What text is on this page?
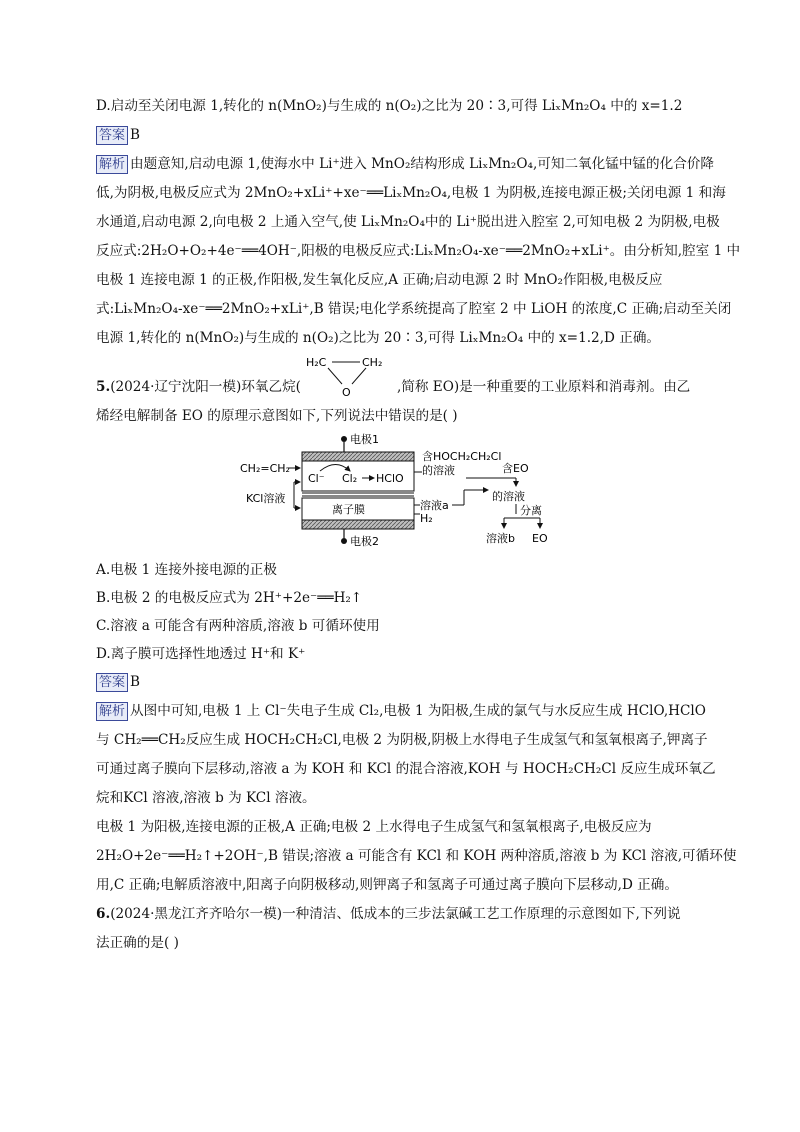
D.启动至关闭电源 1,转化的 n(MnO₂)与生成的 n(O₂)之比为 20∶3,可得 LiₓMn₂O₄ 中的 x=1.2
答案 B
解析 由题意知,启动电源 1,使海水中 Li⁺进入 MnO₂结构形成 LiₓMn₂O₄,可知二氧化锰中锰的化合价降
低,为阴极,电极反应式为 2MnO₂+xLi⁺+xe⁻══LiₓMn₂O₄,电极 1 为阴极,连接电源正极;关闭电源 1 和海
水通道,启动电源 2,向电极 2 上通入空气,使 LiₓMn₂O₄中的 Li⁺脱出进入腔室 2,可知电极 2 为阴极,电极
反应式:2H₂O+O₂+4e⁻══4OH⁻,阳极的电极反应式:LiₓMn₂O₄-xe⁻══2MnO₂+xLi⁺。由分析知,腔室 1 中
电极 1 连接电源 1 的正极,作阳极,发生氧化反应,A 正确;启动电源 2 时 MnO₂作阳极,电极反应
式:LiₓMn₂O₄-xe⁻══2MnO₂+xLi⁺,B 错误;电化学系统提高了腔室 2 中 LiOH 的浓度,C 正确;启动至关闭
电源 1,转化的 n(MnO₂)与生成的 n(O₂)之比为 20∶3,可得 LiₓMn₂O₄ 中的 x=1.2,D 正确。
H₂C	CH₂
O
5.(2024·辽宁沈阳一模)环氧乙烷(	,简称 EO)是一种重要的工业原料和消毒剂。由乙
烯经电解制备 EO 的原理示意图如下,下列说法中错误的是( )
电极1
电极2
Cl⁻ Cl₂ HClO
离子膜
CH₂=CH₂
KCl溶液
含HOCH₂CH₂Cl
的溶液
溶液a
H₂
含EO
的溶液
分离
溶液b EO
A.电极 1 连接外接电源的正极
B.电极 2 的电极反应式为 2H⁺+2e⁻══H₂↑
C.溶液 a 可能含有两种溶质,溶液 b 可循环使用
D.离子膜可选择性地透过 H⁺和 K⁺
答案 B
解析 从图中可知,电极 1 上 Cl⁻失电子生成 Cl₂,电极 1 为阳极,生成的氯气与水反应生成 HClO,HClO
与 CH₂══CH₂反应生成 HOCH₂CH₂Cl,电极 2 为阴极,阴极上水得电子生成氢气和氢氧根离子,钾离子
可通过离子膜向下层移动,溶液 a 为 KOH 和 KCl 的混合溶液,KOH 与 HOCH₂CH₂Cl 反应生成环氧乙
烷和KCl 溶液,溶液 b 为 KCl 溶液。
电极 1 为阳极,连接电源的正极,A 正确;电极 2 上水得电子生成氢气和氢氧根离子,电极反应为
2H₂O+2e⁻══H₂↑+2OH⁻,B 错误;溶液 a 可能含有 KCl 和 KOH 两种溶质,溶液 b 为 KCl 溶液,可循环使
用,C 正确;电解质溶液中,阳离子向阴极移动,则钾离子和氢离子可通过离子膜向下层移动,D 正确。
6.(2024·黑龙江齐齐哈尔一模)一种清洁、低成本的三步法氯碱工艺工作原理的示意图如下,下列说
法正确的是( )
